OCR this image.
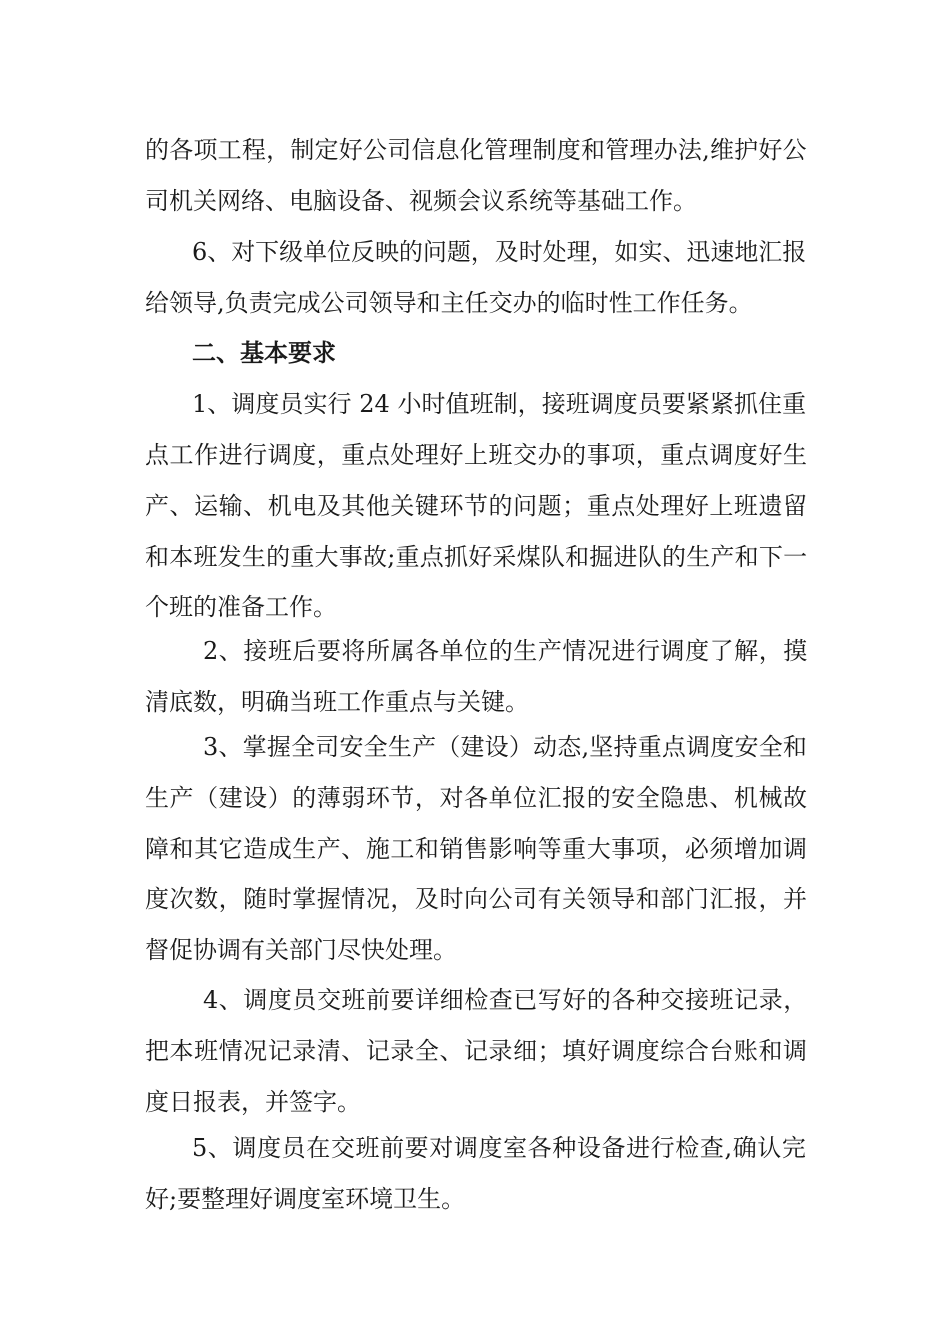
的各项工程，制定好公司信息化管理制度和管理办法,维护好公
司机关网络、电脑设备、视频会议系统等基础工作。
6、对下级单位反映的问题，及时处理，如实、迅速地汇报
给领导,负责完成公司领导和主任交办的临时性工作任务。
二、基本要求
1、调度员实行 24 小时值班制，接班调度员要紧紧抓住重
点工作进行调度，重点处理好上班交办的事项，重点调度好生
产、运输、机电及其他关键环节的问题；重点处理好上班遗留
和本班发生的重大事故;重点抓好采煤队和掘进队的生产和下一
个班的准备工作。
2、接班后要将所属各单位的生产情况进行调度了解，摸
清底数，明确当班工作重点与关键。
3、掌握全司安全生产（建设）动态,坚持重点调度安全和
生产（建设）的薄弱环节，对各单位汇报的安全隐患、机械故
障和其它造成生产、施工和销售影响等重大事项，必须增加调
度次数，随时掌握情况，及时向公司有关领导和部门汇报，并
督促协调有关部门尽快处理。
4、调度员交班前要详细检查已写好的各种交接班记录，
把本班情况记录清、记录全、记录细；填好调度综合台账和调
度日报表，并签字。
5、调度员在交班前要对调度室各种设备进行检查,确认完
好;要整理好调度室环境卫生。
